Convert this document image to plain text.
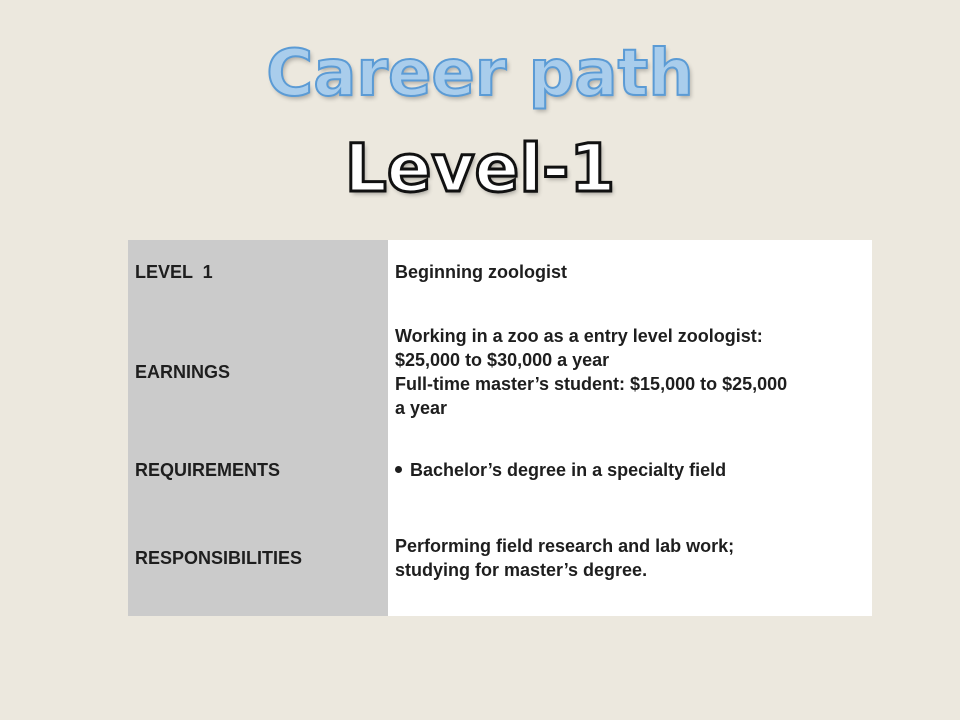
Career path
Level-1
LEVEL  1	Beginning zoologist
EARNINGS
Working in a zoo as a entry level zoologist:
$25,000 to $30,000 a year
Full-time master’s student: $15,000 to $25,000
a year
REQUIREMENTS	Bachelor’s degree in a specialty field
RESPONSIBILITIES
Performing field research and lab work;
studying for master’s degree.
